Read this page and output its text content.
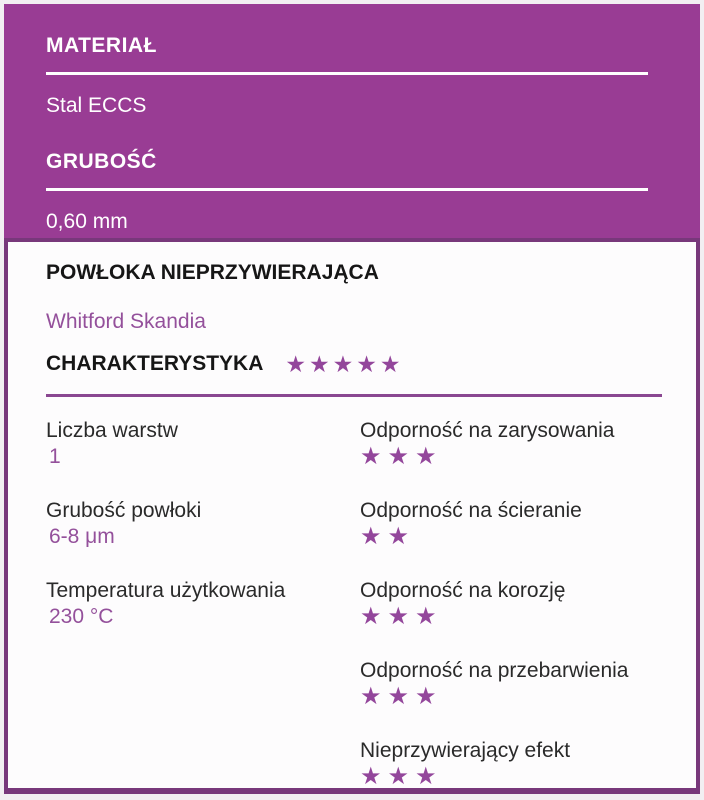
MATERIAŁ
Stal ECCS
GRUBOŚĆ
0,60 mm
POWŁOKA NIEPRZYWIERAJĄCA
Whitford Skandia
CHARAKTERYSTYKA ★★★★★
Liczba warstw
1
Grubość powłoki
6-8 μm
Temperatura użytkowania
230 °C
Odporność na zarysowania
★★★
Odporność na ścieranie
★★
Odporność na korozję
★★★
Odporność na przebarwienia
★★★
Nieprzywierający efekt
★★★
